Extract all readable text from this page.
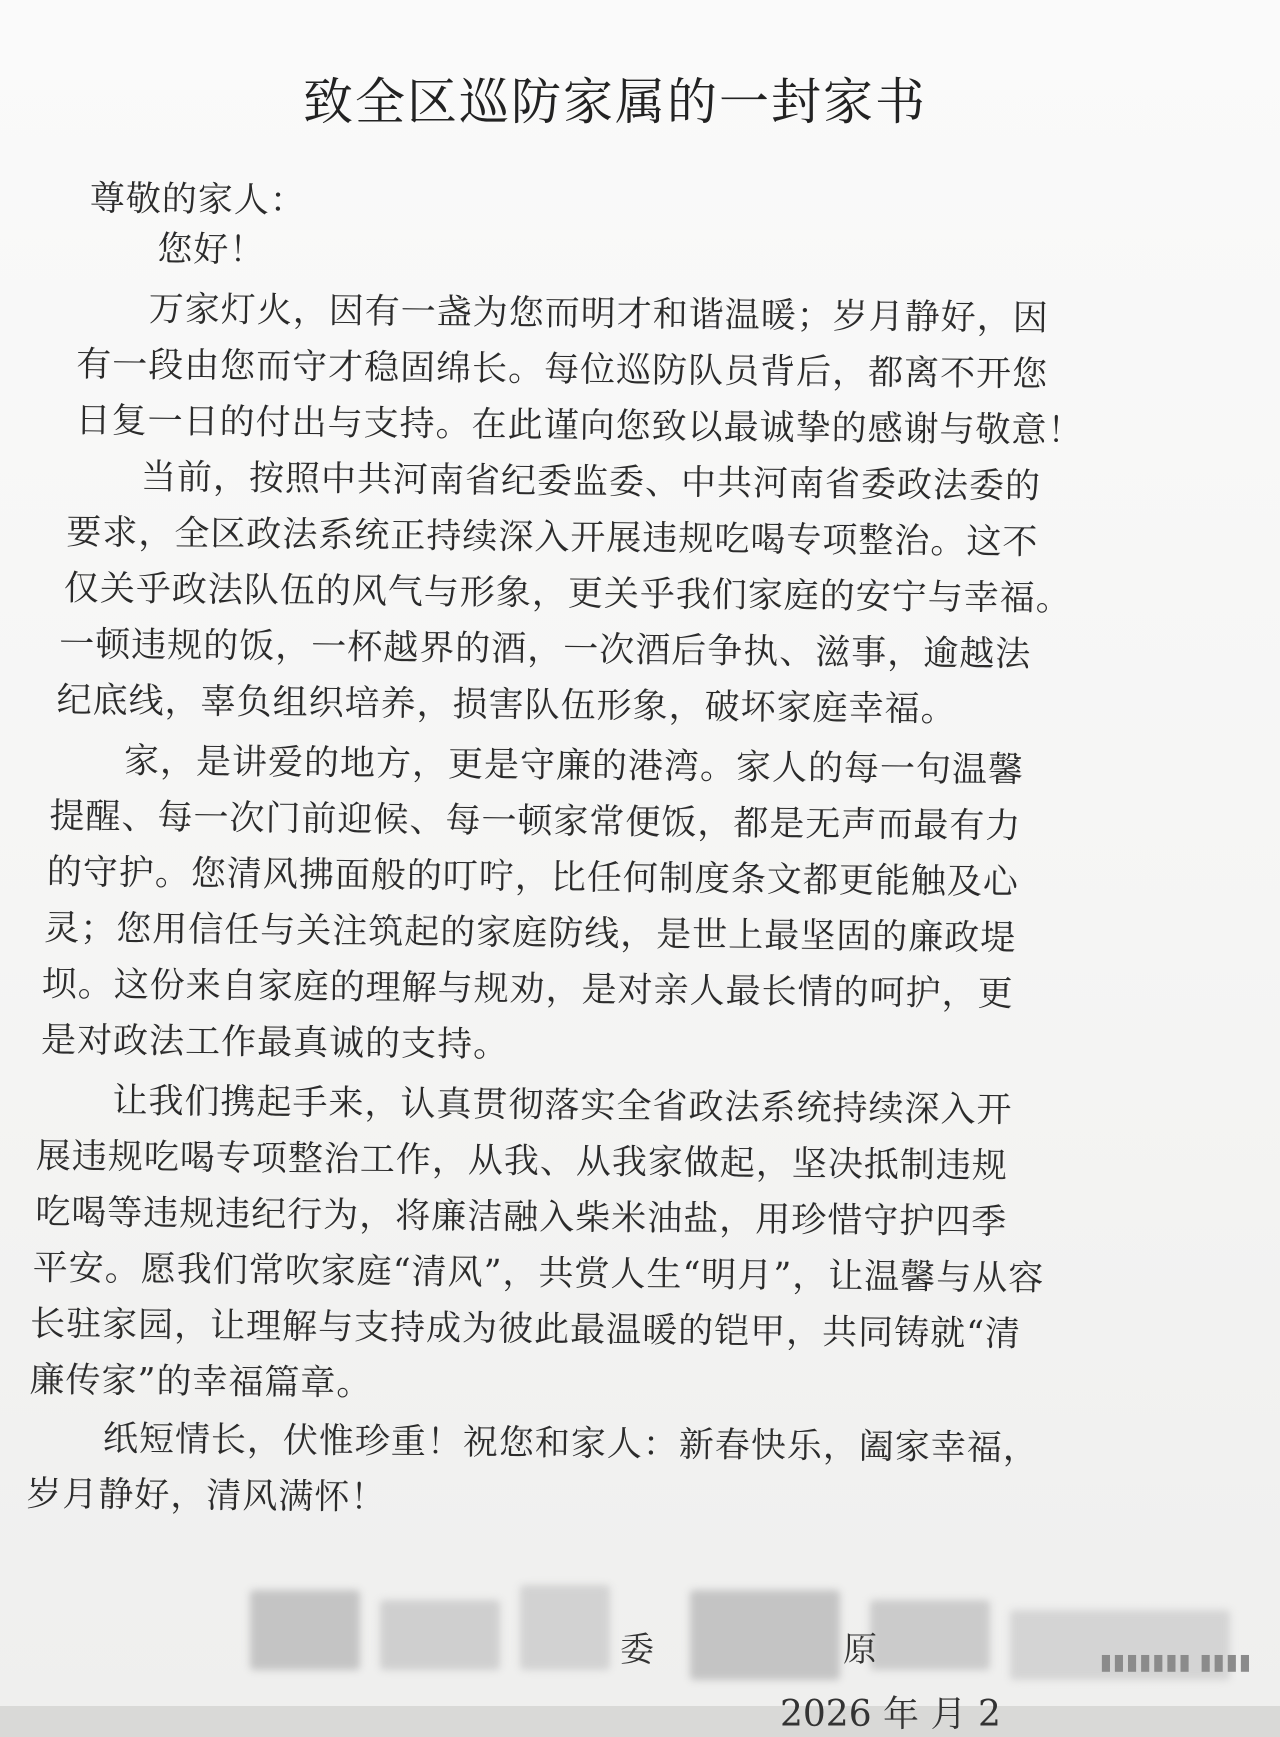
致全区巡防家属的一封家书
尊敬的家人：
您好！
万家灯火，因有一盏为您而明才和谐温暖；岁月静好，因
有一段由您而守才稳固绵长。每位巡防队员背后，都离不开您
日复一日的付出与支持。在此谨向您致以最诚挚的感谢与敬意！
当前，按照中共河南省纪委监委、中共河南省委政法委的
要求，全区政法系统正持续深入开展违规吃喝专项整治。这不
仅关乎政法队伍的风气与形象，更关乎我们家庭的安宁与幸福。
一顿违规的饭，一杯越界的酒，一次酒后争执、滋事，逾越法
纪底线，辜负组织培养，损害队伍形象，破坏家庭幸福。
家，是讲爱的地方，更是守廉的港湾。家人的每一句温馨
提醒、每一次门前迎候、每一顿家常便饭，都是无声而最有力
的守护。您清风拂面般的叮咛，比任何制度条文都更能触及心
灵；您用信任与关注筑起的家庭防线，是世上最坚固的廉政堤
坝。这份来自家庭的理解与规劝，是对亲人最长情的呵护，更
是对政法工作最真诚的支持。
让我们携起手来，认真贯彻落实全省政法系统持续深入开
展违规吃喝专项整治工作，从我、从我家做起，坚决抵制违规
吃喝等违规违纪行为，将廉洁融入柴米油盐，用珍惜守护四季
平安。愿我们常吹家庭“清风”，共赏人生“明月”，让温馨与从容
长驻家园，让理解与支持成为彼此最温暖的铠甲，共同铸就“清
廉传家”的幸福篇章。
纸短情长，伏惟珍重！祝您和家人：新春快乐，阖家幸福，
岁月静好，清风满怀！
委	原
2026 年 月 2
▮▮▮▮▮▮▮ ▮▮▮▮
